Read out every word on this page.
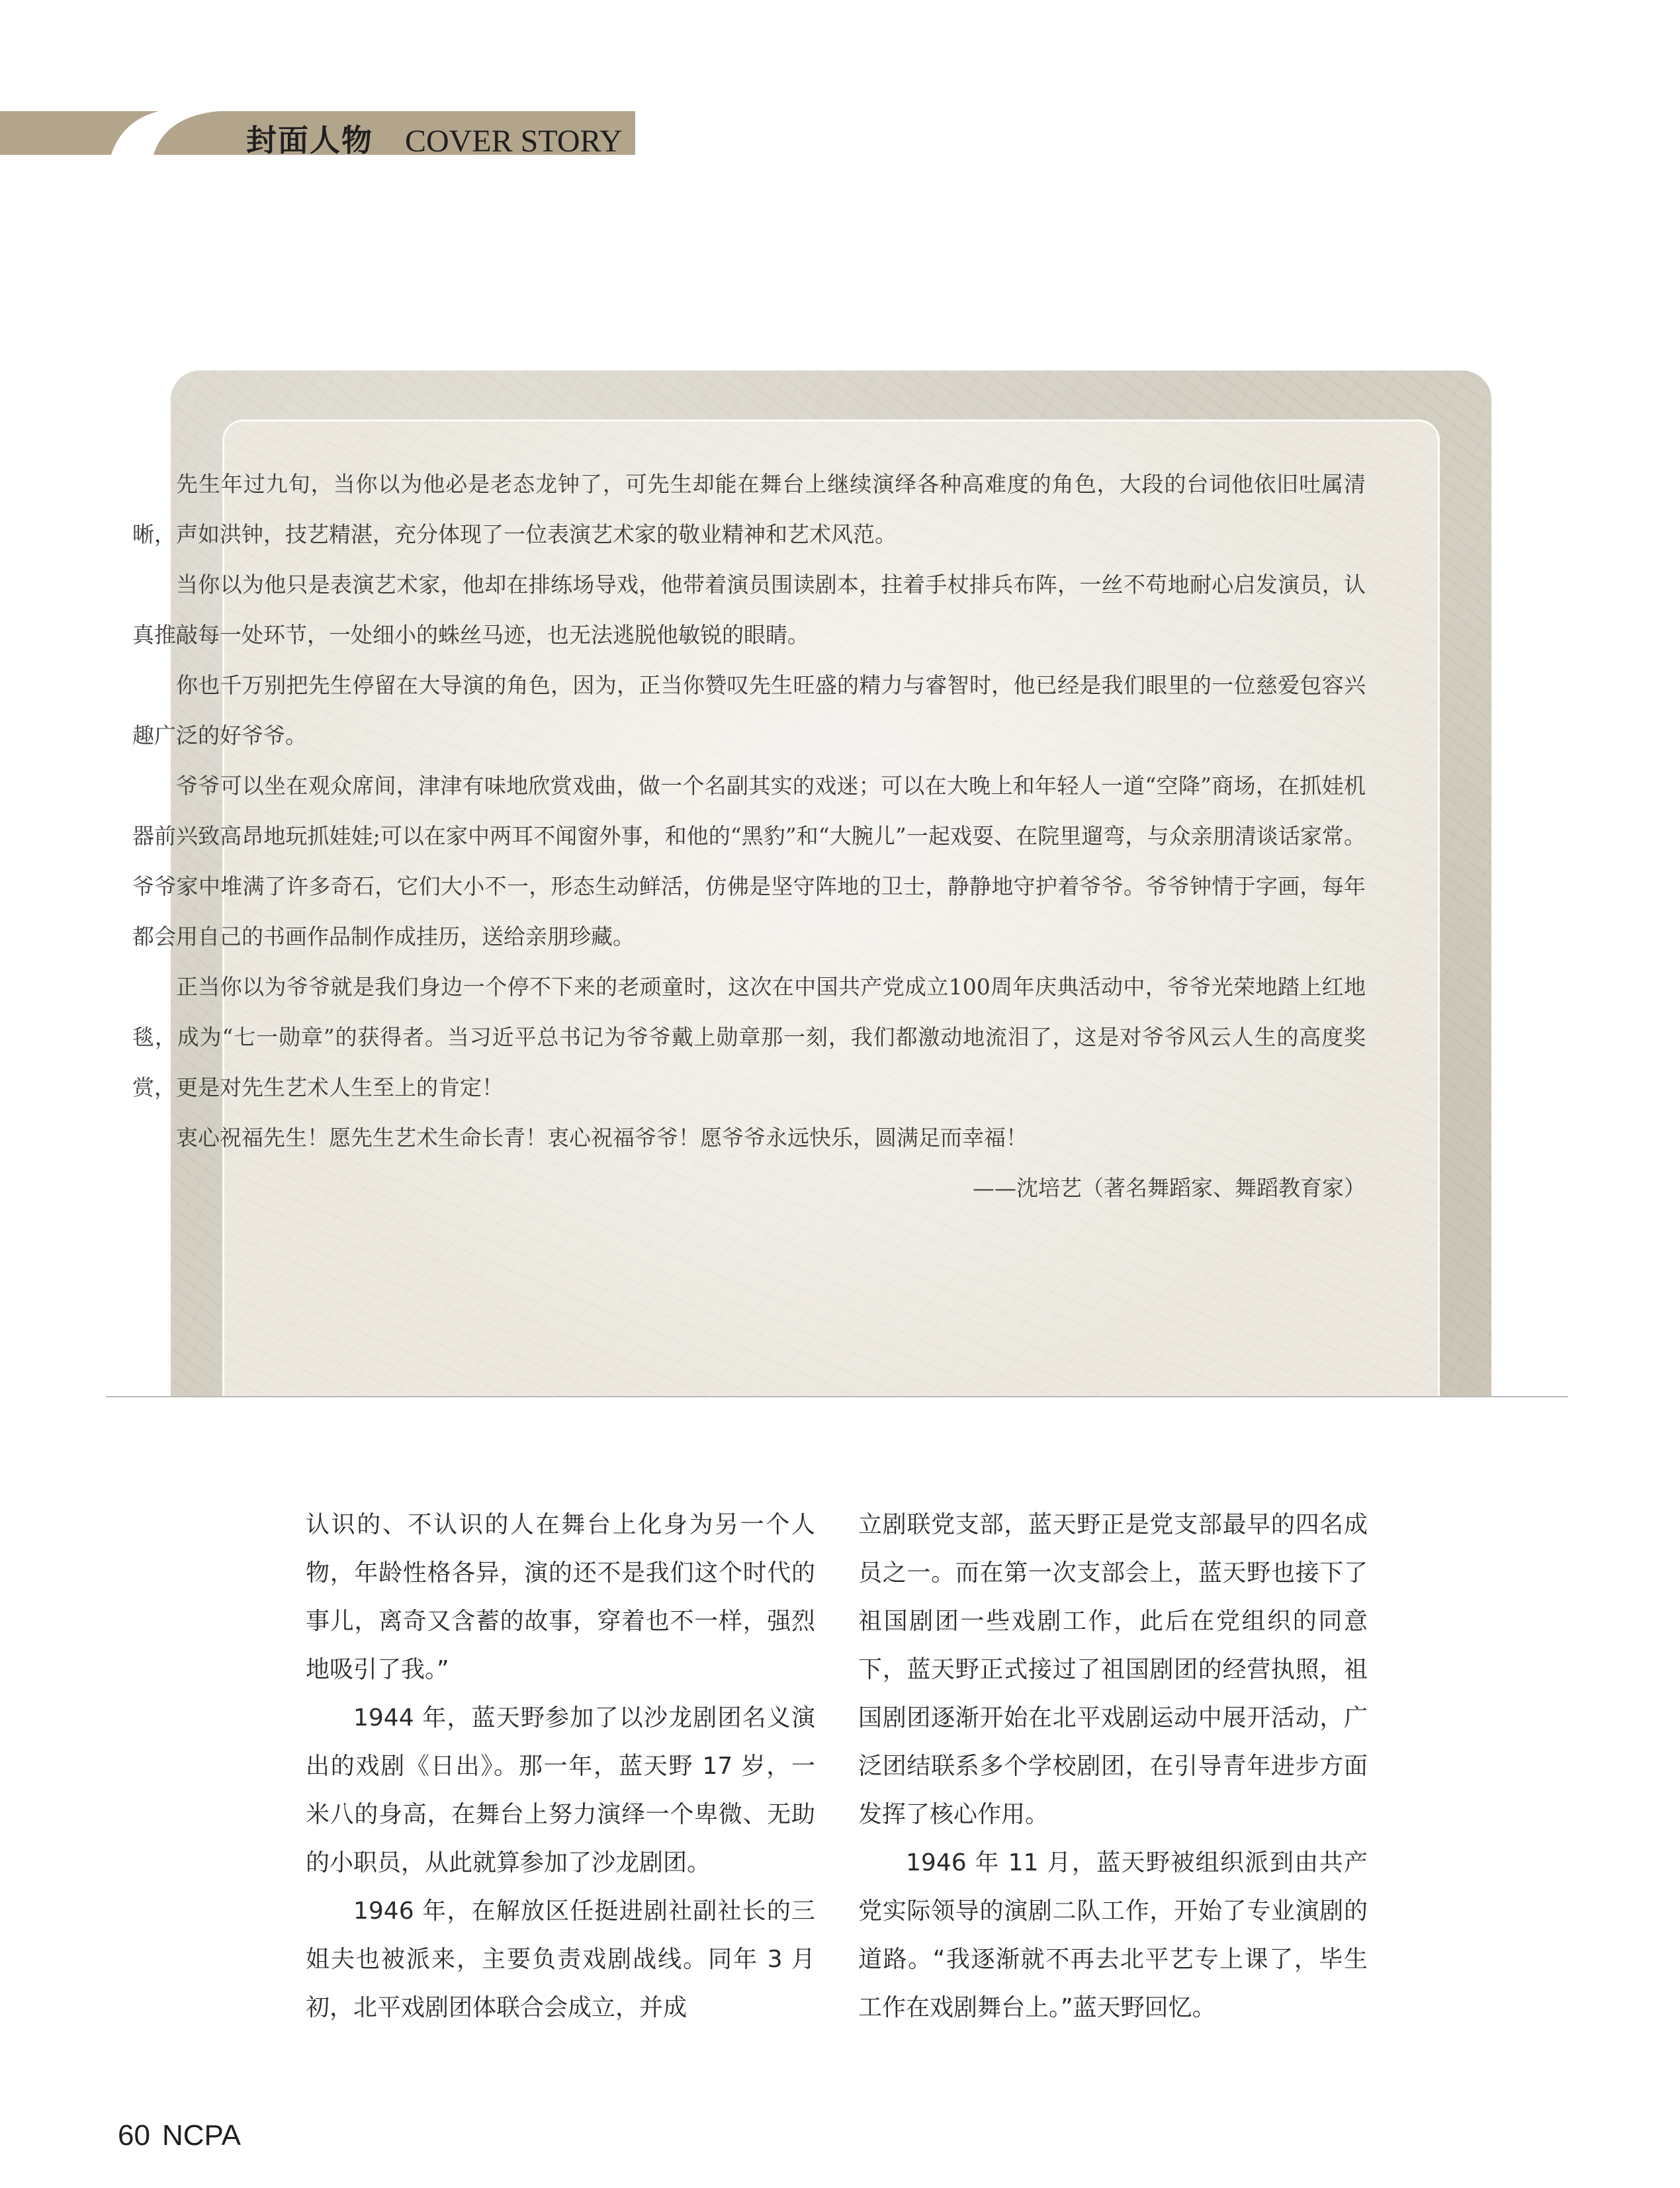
封面人物 COVER STORY

先生年过九旬，当你以为他必是老态龙钟了，可先生却能在舞台上继续演绎各种高难度的角色，大段的台词他依旧吐属清晰，声如洪钟，技艺精湛，充分体现了一位表演艺术家的敬业精神和艺术风范。

当你以为他只是表演艺术家，他却在排练场导戏，他带着演员围读剧本，拄着手杖排兵布阵，一丝不苟地耐心启发演员，认真推敲每一处环节，一处细小的蛛丝马迹，也无法逃脱他敏锐的眼睛。

你也千万别把先生停留在大导演的角色，因为，正当你赞叹先生旺盛的精力与睿智时，他已经是我们眼里的一位慈爱包容兴趣广泛的好爷爷。

爷爷可以坐在观众席间，津津有味地欣赏戏曲，做一个名副其实的戏迷；可以在大晚上和年轻人一道“空降”商场，在抓娃机器前兴致高昂地玩抓娃娃;可以在家中两耳不闻窗外事，和他的“黑豹”和“大腕儿”一起戏耍、在院里遛弯，与众亲朋清谈话家常。爷爷家中堆满了许多奇石，它们大小不一，形态生动鲜活，仿佛是坚守阵地的卫士，静静地守护着爷爷。爷爷钟情于字画，每年都会用自己的书画作品制作成挂历，送给亲朋珍藏。

正当你以为爷爷就是我们身边一个停不下来的老顽童时，这次在中国共产党成立100周年庆典活动中，爷爷光荣地踏上红地毯，成为“七一勋章”的获得者。当习近平总书记为爷爷戴上勋章那一刻，我们都激动地流泪了，这是对爷爷风云人生的高度奖赏，更是对先生艺术人生至上的肯定！

衷心祝福先生！愿先生艺术生命长青！衷心祝福爷爷！愿爷爷永远快乐，圆满足而幸福！

——沈培艺（著名舞蹈家、舞蹈教育家）

认识的、不认识的人在舞台上化身为另一个人物，年龄性格各异，演的还不是我们这个时代的事儿，离奇又含蓄的故事，穿着也不一样，强烈地吸引了我。”

1944 年，蓝天野参加了以沙龙剧团名义演出的戏剧《日出》。那一年，蓝天野 17 岁，一米八的身高，在舞台上努力演绎一个卑微、无助的小职员，从此就算参加了沙龙剧团。

1946 年，在解放区任挺进剧社副社长的三姐夫也被派来，主要负责戏剧战线。同年 3 月初，北平戏剧团体联合会成立，并成

立剧联党支部，蓝天野正是党支部最早的四名成员之一。而在第一次支部会上，蓝天野也接下了祖国剧团一些戏剧工作，此后在党组织的同意下，蓝天野正式接过了祖国剧团的经营执照，祖国剧团逐渐开始在北平戏剧运动中展开活动，广泛团结联系多个学校剧团，在引导青年进步方面发挥了核心作用。

1946 年 11 月，蓝天野被组织派到由共产党实际领导的演剧二队工作，开始了专业演剧的道路。“我逐渐就不再去北平艺专上课了，毕生工作在戏剧舞台上。”蓝天野回忆。

60 NCPA
